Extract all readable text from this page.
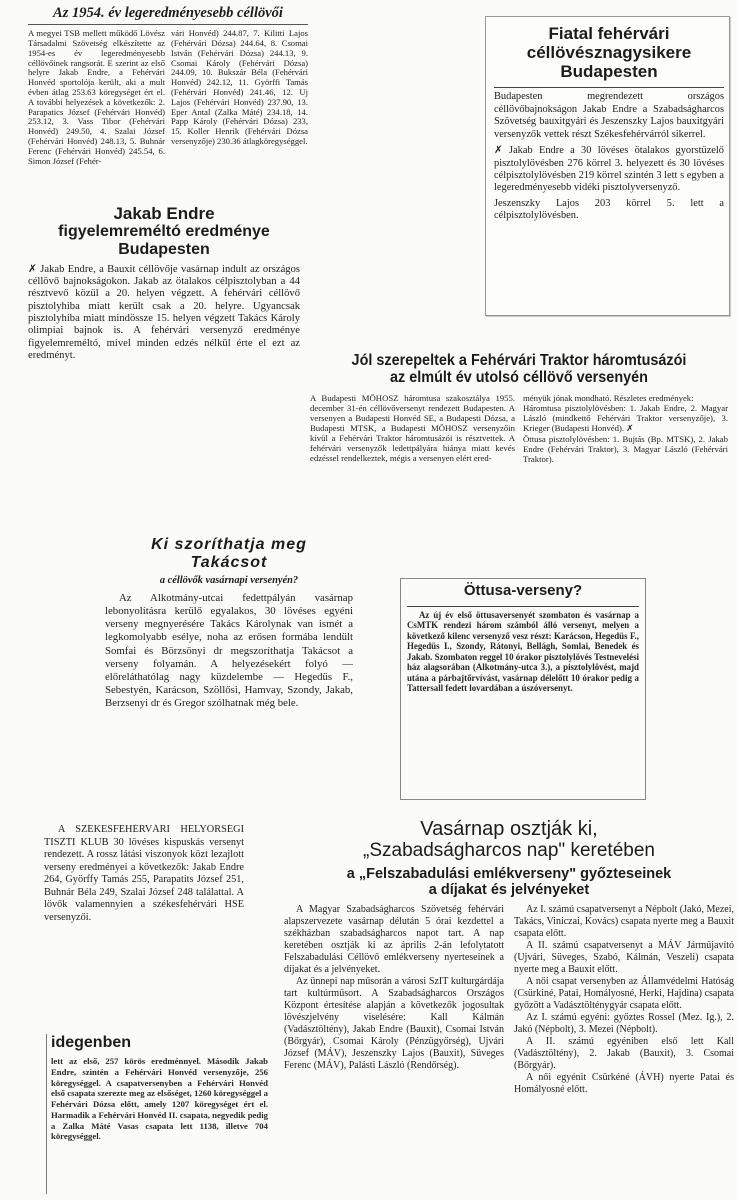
Az 1954. év legeredményesebb céllövői
A megyei TSB mellett működő Lövész Társadalmi Szövetség elkészítette az 1954-es év legeredményesebb céllövőinek rangsorát. E szerint az első helyre Jakab Endre, a Fehérvári Honvéd sportolója került, aki a mult évben átlag 253.63 köregységet ért el. A további helyezések a következők: 2. Parapatics József (Fehérvári Honvéd) 253.12, 3. Vass Tibor (Fehérvári Honvéd) 249.50, 4. Szalai József (Fehérvári Honvéd) 248.13, 5. Buhnár Ferenc (Fehérvári Honvéd) 245.54, 6. Simon József (Fehér-
vári Honvéd) 244.87, 7. Kilitti Lajos (Fehérvári Dózsa) 244.64, 8. Csomai István (Fehérvári Dózsa) 244.13, 9. Csomai Károly (Fehérvári Dózsa) 244.09, 10. Bukszár Béla (Fehérvári Honvéd) 242.12, 11. Györffi Tamás (Fehérvári Honvéd) 241.46, 12. Uj Lajos (Fehérvári Honvéd) 237.90, 13. Eper Antal (Zalka Máté) 234.18, 14. Papp Károly (Fehérvári Dózsa) 233, 15. Koller Henrik (Fehérvári Dózsa versenyzője) 230.36 átlagköregységgel.
Fiatal fehérvári céllövésznagysikere Budapesten

Budapesten megrendezett országos céllövőbajnokságon Jakab Endre a Szabadságharcos Szövetség bauxitgyári és Jeszenszky Lajos bauxitgyári versenyzők vettek részt Székesfehérvárról sikerrel.

✗ Jakab Endre a 30 lövéses ötalakos gyorstüzelő pisztolylövésben 276 körrel 3. helyezett és 30 lövéses célpisztolylövésben 219 körrel szintén 3 lett s egyben a legeredményesebb vidéki pisztolyversenyző.

Jeszenszky Lajos 203 körrel 5. lett a célpisztolylövésben.

Jakab Endre
figyelemreméltó eredménye Budapesten

✗ Jakab Endre, a Bauxit céllövője vasárnap indult az országos céllövő bajnokságokon. Jakab az ötalakos célpisztolyban a 44 résztvevő közül a 20. helyen végzett. A fehérvári céllövő pisztolyhiba miatt került csak a 20. helyre. Ugyancsak pisztolyhiba miatt mindössze 15. helyen végzett Takács Károly olimpiai bajnok is. A fehérvári versenyző eredménye figyelemreméltó, mivel minden edzés nélkül érte el ezt az eredményt.	Jól szerepeltek a Fehérvári Traktor háromtusázói
az elmúlt év utolsó céllövő versenyén
A Budapesti MÖHOSZ háromtusa szakosztálya 1955. december 31-én céllövőversenyt rendezett Budapesten. A versenyen a Budapesti Honvéd SE, a Budapesti Dózsa, a Budapesti MTSK, a Budapesti MÖHOSZ versenyzőin kívül a Fehérvári Traktor háromtusázói is résztvettek. A fehérvári versenyzők ledettpályára hiánya miatt kevés edzéssel rendelkeztek, mégis a versenyen elért ered-

ményük jónak mondható. Részletes eredmények:

Háromtusa pisztolylövésben: 1. Jakab Endre, 2. Magyar László (mindkettő Fehérvári Traktor versenyzője), 3. Krieger (Budapesti Honvéd). ✗

Öttusa pisztolylövésben: 1. Bujtás (Bp. MTSK), 2. Jakab Endre (Fehérvári Traktor), 3. Magyar László (Fehérvári Traktor).

Ki szoríthatja meg
Takácsot
a céllövők vasárnapi versenyén?

Az Alkotmány-utcai fedettpályán vasárnap lebonyolításra kerülő egyalakos, 30 lövéses egyéni verseny megnyerésére Takács Károlynak van ismét a legkomolyabb esélye, noha az erősen formába lendült Somfai és Börzsönyi dr megszoríthatja Takácsot a verseny folyamán. A helyezésekért folyó — előreláthatólag nagy küzdelembe — Hegedüs F., Sebestyén, Karácson, Szöllősi, Hamvay, Szondy, Jakab, Berzsenyi dr és Gregor szólhatnak még bele.

Öttusa-verseny?

Az új év első öttusaversenyét szombaton és vasárnap a CsMTK rendezi három számból álló versenyt, melyen a következő kilenc versenyző vesz részt: Karácson, Hegedüs F., Hegedüs I., Szondy, Rátonyi, Bellágh, Somlai, Benedek és Jakab. Szombaton reggel 10 órakor pisztolylövés Testnevelési ház alagsorában (Alkotmány-utca 3.), a pisztolylövést, majd utána a párbajtőrvívást, vasárnap délelőtt 10 órakor pedig a Tattersall fedett lovardában a úszóversenyt.

A SZÉKESFEHÉRVÁRI HELYŐRSÉGI TISZTI KLUB 30 lövéses kispuskás versenyt rendezett. A rossz látási viszonyok közt lezajlott verseny eredményei a következők: Jakab Endre 264, Györffy Tamás 255, Parapatits József 251, Buhnár Béla 249, Szalai József 248 találattal. A lövők valamennyien a székesfehérvári HSE versenyzői.

idegenben

lett az első, 257 körös eredménnyel. Második Jakab Endre, szintén a Fehérvári Honvéd versenyzője, 256 köregységgel. A csapatversenyben a Fehérvári Honvéd első csapata szerezte meg az elsőséget, 1260 köregységgel a Fehérvári Dózsa előtt, amely 1207 köregységet ért el. Harmadik a Fehérvári Honvéd II. csapata, negyedik pedig a Zalka Máté Vasas csapata lett 1138, illetve 704 köregységgel.

Vasárnap osztják ki,
„Szabadságharcos nap" keretében
a „Felszabadulási emlékverseny" győzteseinek
a díjakat és jelvényeket

A Magyar Szabadságharcos Szövetség fehérvári alapszervezete vasárnap délután 5 órai kezdettel a székházban szabadságharcos napot tart. A nap keretében osztják ki az április 2-án lefolytatott Felszabadulási Céllövő emlékverseny nyerteseinek a díjakat és a jelvényeket.

Az ünnepi nap műsorán a városi SzIT kulturgárdája tart kultúrműsort. A Szabadságharcos Országos Központ értesítése alapján a következők jogosultak lövészjelvény viselésére: Kall Kálmán (Vadásztöltény), Jakab Endre (Bauxit), Csomai István (Bőrgyár), Csomai Károly (Pénzügyőrség), Ujvári József (MÁV), Jeszenszky Lajos (Bauxit), Süveges Ferenc (MÁV), Palásti László (Rendőrség).

Az I. számú csapatversenyt a Népbolt (Jakó, Mezei, Takács, Viniczai, Kovács) csapata nyerte meg a Bauxit csapata előtt.

A II. számú csapatversenyt a MÁV Járműjavító (Ujvári, Süveges, Szabó, Kálmán, Veszeli) csapata nyerte meg a Bauxit előtt.

A női csapat versenyben az Államvédelmi Hatóság (Csürkiné, Patai, Homályosné, Herki, Hajdina) csapata győzött a Vadásztölténygyár csapata előtt.

Az I. számú egyéni: győztes Rossel (Mez. Ig.), 2. Jakó (Népbolt), 3. Mezei (Népbolt).

A II. számú egyéniben első lett Kall (Vadásztöltény), 2. Jakab (Bauxit), 3. Csomai (Bőrgyár).

A női egyénit Csürkéné (ÁVH) nyerte Patai és Homályosné előtt.
